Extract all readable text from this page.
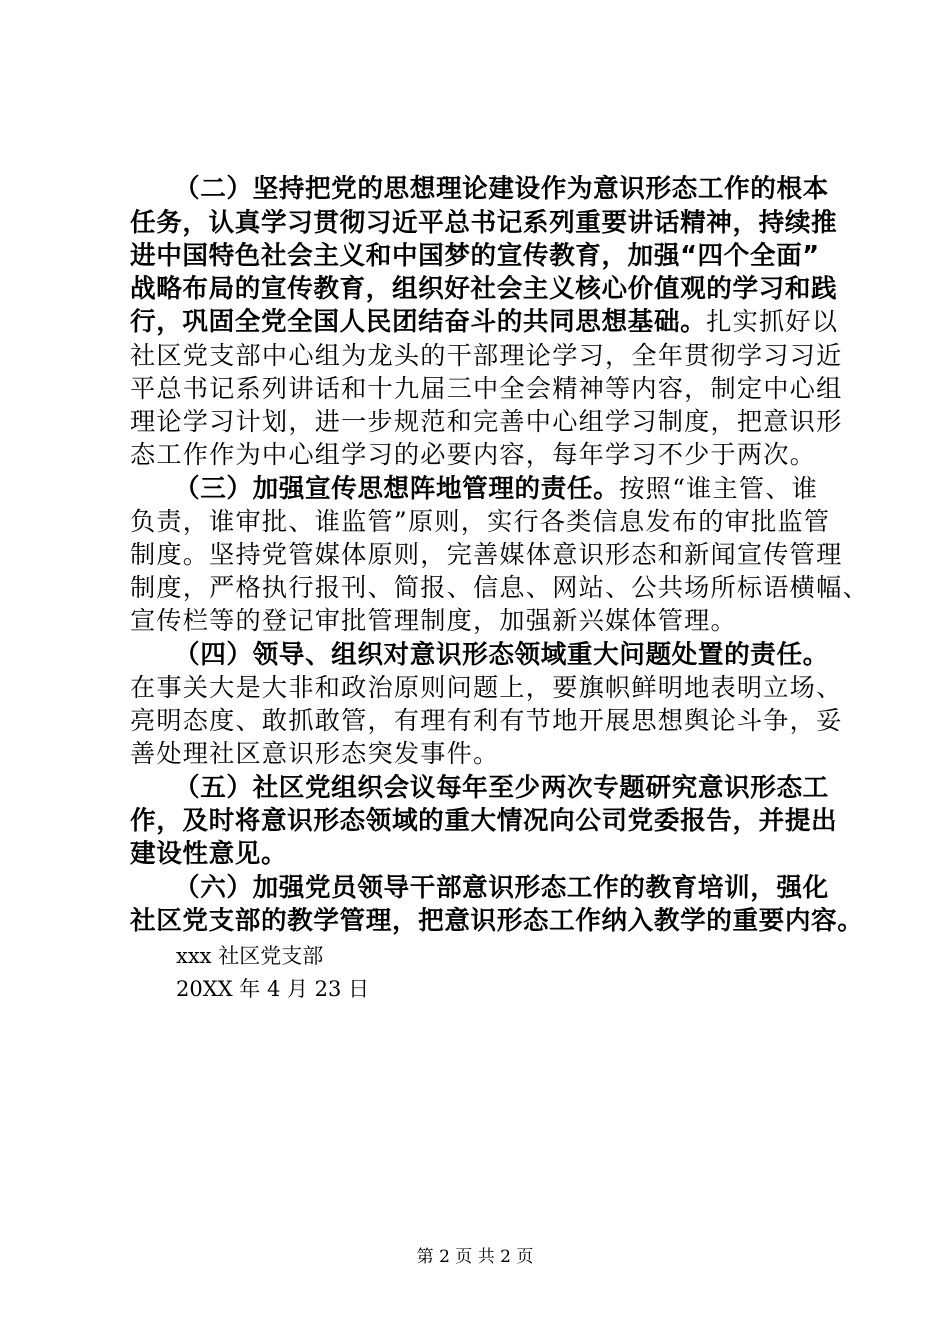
（二）坚持把党的思想理论建设作为意识形态工作的根本
任务，认真学习贯彻习近平总书记系列重要讲话精神，持续推
进中国特色社会主义和中国梦的宣传教育，加强“四个全面”
战略布局的宣传教育，组织好社会主义核心价值观的学习和践
行，巩固全党全国人民团结奋斗的共同思想基础。扎实抓好以
社区党支部中心组为龙头的干部理论学习，全年贯彻学习习近
平总书记系列讲话和十九届三中全会精神等内容，制定中心组
理论学习计划，进一步规范和完善中心组学习制度，把意识形
态工作作为中心组学习的必要内容，每年学习不少于两次。
（三）加强宣传思想阵地管理的责任。按照“谁主管、谁
负责，谁审批、谁监管”原则，实行各类信息发布的审批监管
制度。坚持党管媒体原则，完善媒体意识形态和新闻宣传管理
制度，严格执行报刊、简报、信息、网站、公共场所标语横幅、
宣传栏等的登记审批管理制度，加强新兴媒体管理。
（四）领导、组织对意识形态领域重大问题处置的责任。
在事关大是大非和政治原则问题上，要旗帜鲜明地表明立场、
亮明态度、敢抓敢管，有理有利有节地开展思想舆论斗争，妥
善处理社区意识形态突发事件。
（五）社区党组织会议每年至少两次专题研究意识形态工
作，及时将意识形态领域的重大情况向公司党委报告，并提出
建设性意见。
（六）加强党员领导干部意识形态工作的教育培训，强化
社区党支部的教学管理，把意识形态工作纳入教学的重要内容。
xxx 社区党支部
20XX 年 4 月 23 日
第 2 页 共 2 页
